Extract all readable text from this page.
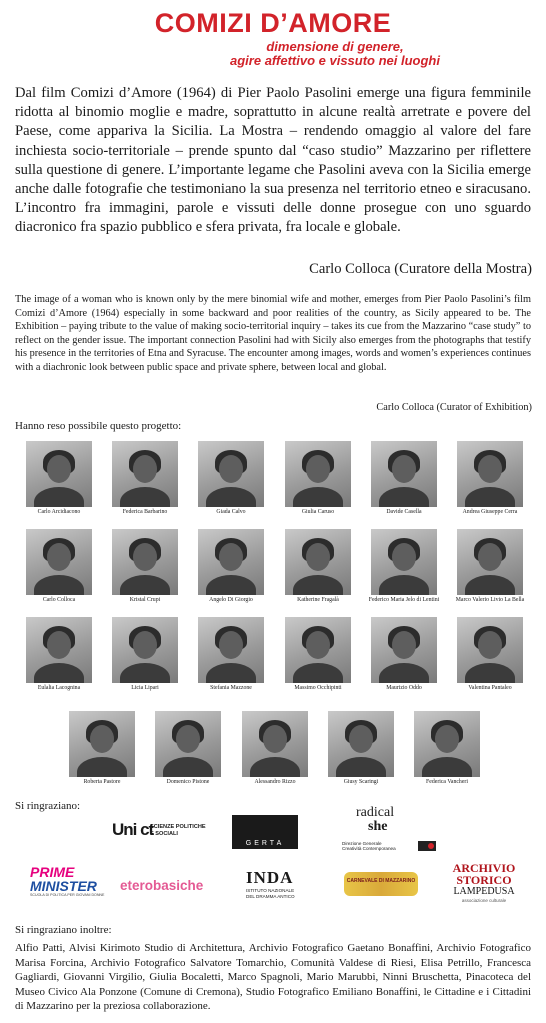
COMIZI D’AMORE
dimensione di genere,
agire affettivo e vissuto nei luoghi
Dal film Comizi d’Amore (1964) di Pier Paolo Pasolini emerge una figura femminile ridotta al binomio moglie e madre, soprattutto in alcune realtà arretrate e povere del Paese, come appariva la Sicilia. La Mostra – rendendo omaggio al valore del fare inchiesta socio-territoriale – prende spunto dal “caso studio” Mazzarino per riflettere sulla questione di genere. L’importante legame che Pasolini aveva con la Sicilia emerge anche dalle fotografie che testimoniano la sua presenza nel territorio etneo e siracusano. L’incontro fra immagini, parole e vissuti delle donne prosegue con uno sguardo diacronico fra spazio pubblico e sfera privata, fra locale e globale.
Carlo Colloca (Curatore della Mostra)
The image of a woman who is known only by the mere binomial wife and mother, emerges from Pier Paolo Pasolini’s film Comizi d’Amore (1964) especially in some backward and poor realities of the country, as Sicily appeared to be. The Exhibition – paying tribute to the value of making socio-territorial inquiry – takes its cue from the Mazzarino “case study” to reflect on the gender issue. The important connection Pasolini had with Sicily also emerges from the photographs that testify his presence in the territories of Etna and Syracuse. The encounter among images, words and women’s experiences continues with a diachronic look between public space and private sphere, between local and global.
Carlo Colloca (Curator of Exhibition)
Hanno reso possibile questo progetto:
Carlo Arcidiacono	Federica Barbarino	Giada Calvo	Giulia Caruso	Davide Casella	Andrea Giuseppe Cerra
Carlo Colloca	Kristal Crupi	Angelo Di Giorgio	Katherine Fragalà	Federico Maria Jelo di Lentini	Marco Valerio Livio La Bella
Eulalia Lacognina	Licia Lipari	Stefania Mazzone	Massimo Occhipinti	Maurizio Oddo	Valentina Pantaleo
Roberta Pastore	Domenico Pistone	Alessandro Rizzo	Giusy Scaringi	Federica Vancheri
Si ringraziano:
Uni ct
SCIENZE POLITICHE
E SOCIALI
GERTA
radical
she
Direzione Generale
Creatività Contemporanea
PRIME
MINISTER
SCUOLA DI POLITICA PER GIOVANI DONNE
eterobasiche	INDA
ISTITUTO NAZIONALE
DEL DRAMMA ANTICO
CARNEVALE DI MAZZARINO
ARCHIVIO
STORICO
LAMPEDUSA
associazione culturale
Si ringraziano inoltre:
Alfio Patti, Alvisi Kirimoto Studio di Architettura, Archivio Fotografico Gaetano Bonaffini, Archivio Fotografico Marisa Forcina, Archivio Fotografico Salvatore Tomarchio, Comunità Valdese di Riesi, Elisa Petrillo, Francesca Gagliardi, Giovanni Virgilio, Giulia Bocaletti, Marco Spagnoli, Mario Marubbi, Ninni Bruschetta, Pinacoteca del Museo Civico Ala Ponzone (Comune di Cremona), Studio Fotografico Emiliano Bonaffini, le Cittadine e i Cittadini di Mazzarino per la preziosa collaborazione.
